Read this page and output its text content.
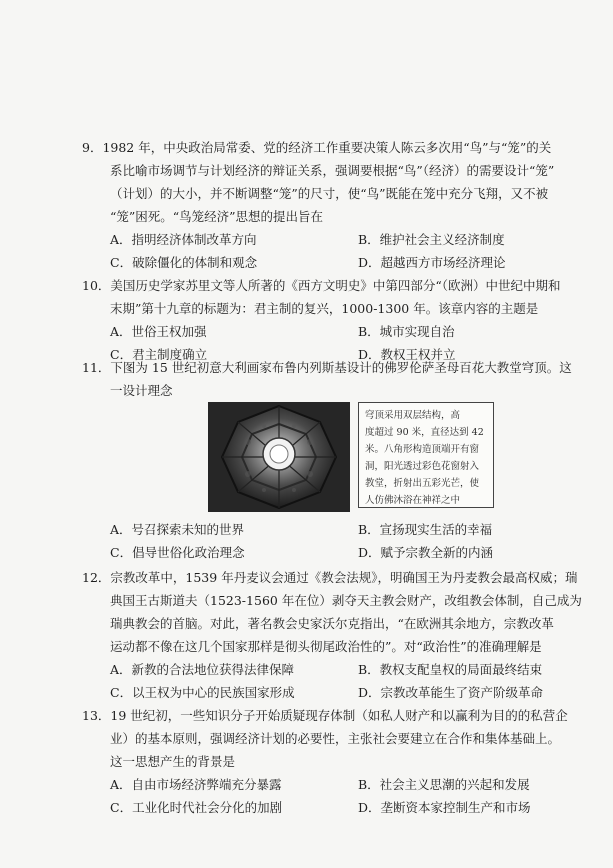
9．1982 年，中央政治局常委、党的经济工作重要决策人陈云多次用“鸟”与“笼”的关
系比喻市场调节与计划经济的辩证关系，强调要根据“鸟”（经济）的需要设计“笼”
（计划）的大小，并不断调整“笼”的尺寸，使“鸟”既能在笼中充分飞翔，又不被
“笼”困死。“鸟笼经济”思想的提出旨在
A．指明经济体制改革方向	B．维护社会主义经济制度
C．破除僵化的体制和观念	D．超越西方市场经济理论
10．美国历史学家苏里文等人所著的《西方文明史》中第四部分“（欧洲）中世纪中期和
末期”第十九章的标题为：君主制的复兴，1000-1300 年。该章内容的主题是
A．世俗王权加强	B．城市实现自治
C．君主制度确立	D．教权王权并立
11．下图为 15 世纪初意大利画家布鲁内列斯基设计的佛罗伦萨圣母百花大教堂穹顶。这
一设计理念
穹顶采用双层结构，高
度超过 90 米，直径达到 42
米。八角形构造顶端开有窗
洞，阳光透过彩色花窗射入
教堂，折射出五彩光芒，使
人仿佛沐浴在神祥之中
A．号召探索未知的世界	B．宣扬现实生活的幸福
C．倡导世俗化政治理念	D．赋予宗教全新的内涵
12．宗教改革中，1539 年丹麦议会通过《教会法规》，明确国王为丹麦教会最高权威；瑞
典国王古斯道夫（1523-1560 年在位）剥夺天主教会财产，改组教会体制，自己成为
瑞典教会的首脑。对此，著名教会史家沃尔克指出，“在欧洲其余地方，宗教改革
运动都不像在这几个国家那样是彻头彻尾政治性的”。对“政治性”的准确理解是
A．新教的合法地位获得法律保障	B．教权支配皇权的局面最终结束
C．以王权为中心的民族国家形成	D．宗教改革能生了资产阶级革命
13．19 世纪初，一些知识分子开始质疑现存体制（如私人财产和以赢利为目的的私营企
业）的基本原则，强调经济计划的必要性，主张社会要建立在合作和集体基础上。
这一思想产生的背景是
A．自由市场经济弊端充分暴露	B．社会主义思潮的兴起和发展
C．工业化时代社会分化的加剧	D．垄断资本家控制生产和市场
